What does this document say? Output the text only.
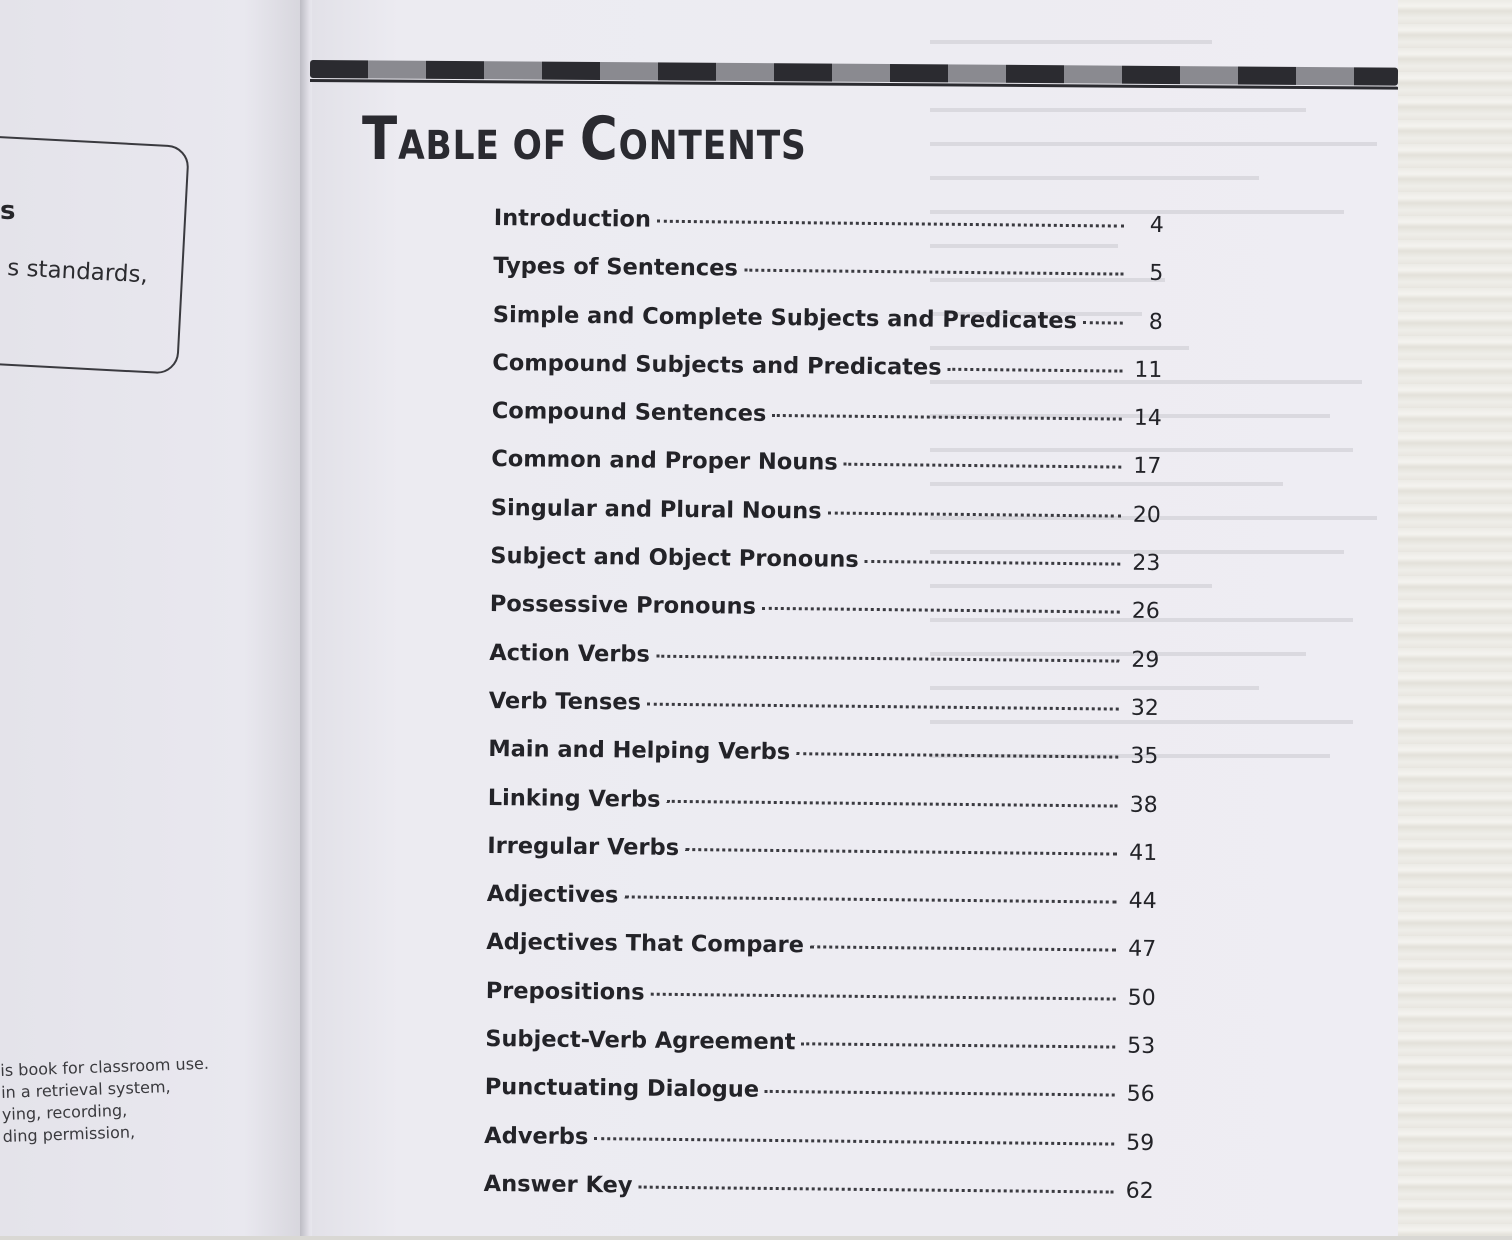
s
s standards,
is book for classroom use.
in a retrieval system,
ying, recording,
ding permission,
TABLE OF CONTENTS
Introduction	4
Types of Sentences	5
Simple and Complete Subjects and Predicates	8
Compound Subjects and Predicates	11
Compound Sentences	14
Common and Proper Nouns	17
Singular and Plural Nouns	20
Subject and Object Pronouns	23
Possessive Pronouns	26
Action Verbs	29
Verb Tenses	32
Main and Helping Verbs	35
Linking Verbs	38
Irregular Verbs	41
Adjectives	44
Adjectives That Compare	47
Prepositions	50
Subject-Verb Agreement	53
Punctuating Dialogue	56
Adverbs	59
Answer Key	62
